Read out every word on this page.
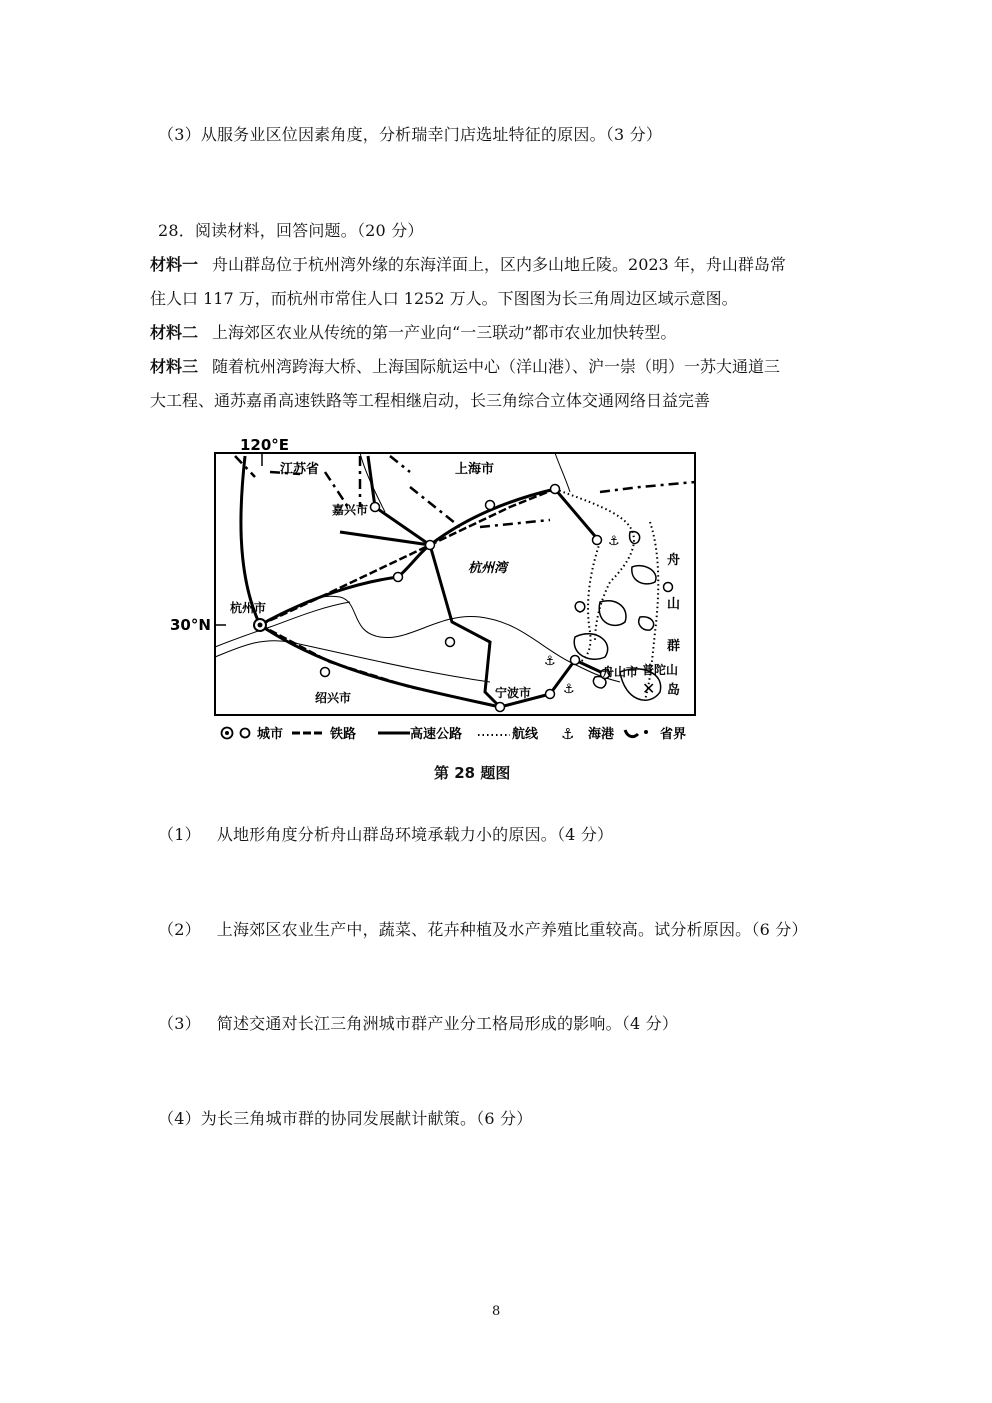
（3）从服务业区位因素角度，分析瑞幸门店选址特征的原因。（3 分）
28．阅读材料，回答问题。（20 分）
材料一 舟山群岛位于杭州湾外缘的东海洋面上，区内多山地丘陵。2023 年，舟山群岛常
住人口 117 万，而杭州市常住人口 1252 万人。下图图为长三角周边区域示意图。
材料二 上海郊区农业从传统的第一产业向“一三联动”都市农业加快转型。
材料三 随着杭州湾跨海大桥、上海国际航运中心（洋山港）、沪一崇（明）一苏大通道三
大工程、通苏嘉甬高速铁路等工程相继启动，长三角综合立体交通网络日益完善
120°E
30°N
⚓
⚓
⚓	✕
江苏省	上海市
嘉兴市
杭州湾
杭州市
绍兴市	宁波市
舟山市 普陀山
舟
山
群
岛
城市	铁路	高速公路	航线 ⚓ 海港	省界
第 28 题图
（1） 从地形角度分析舟山群岛环境承载力小的原因。（4 分）
（2） 上海郊区农业生产中，蔬菜、花卉种植及水产养殖比重较高。试分析原因。（6 分）
（3） 简述交通对长江三角洲城市群产业分工格局形成的影响。（4 分）
（4）为长三角城市群的协同发展献计献策。（6 分）
8
